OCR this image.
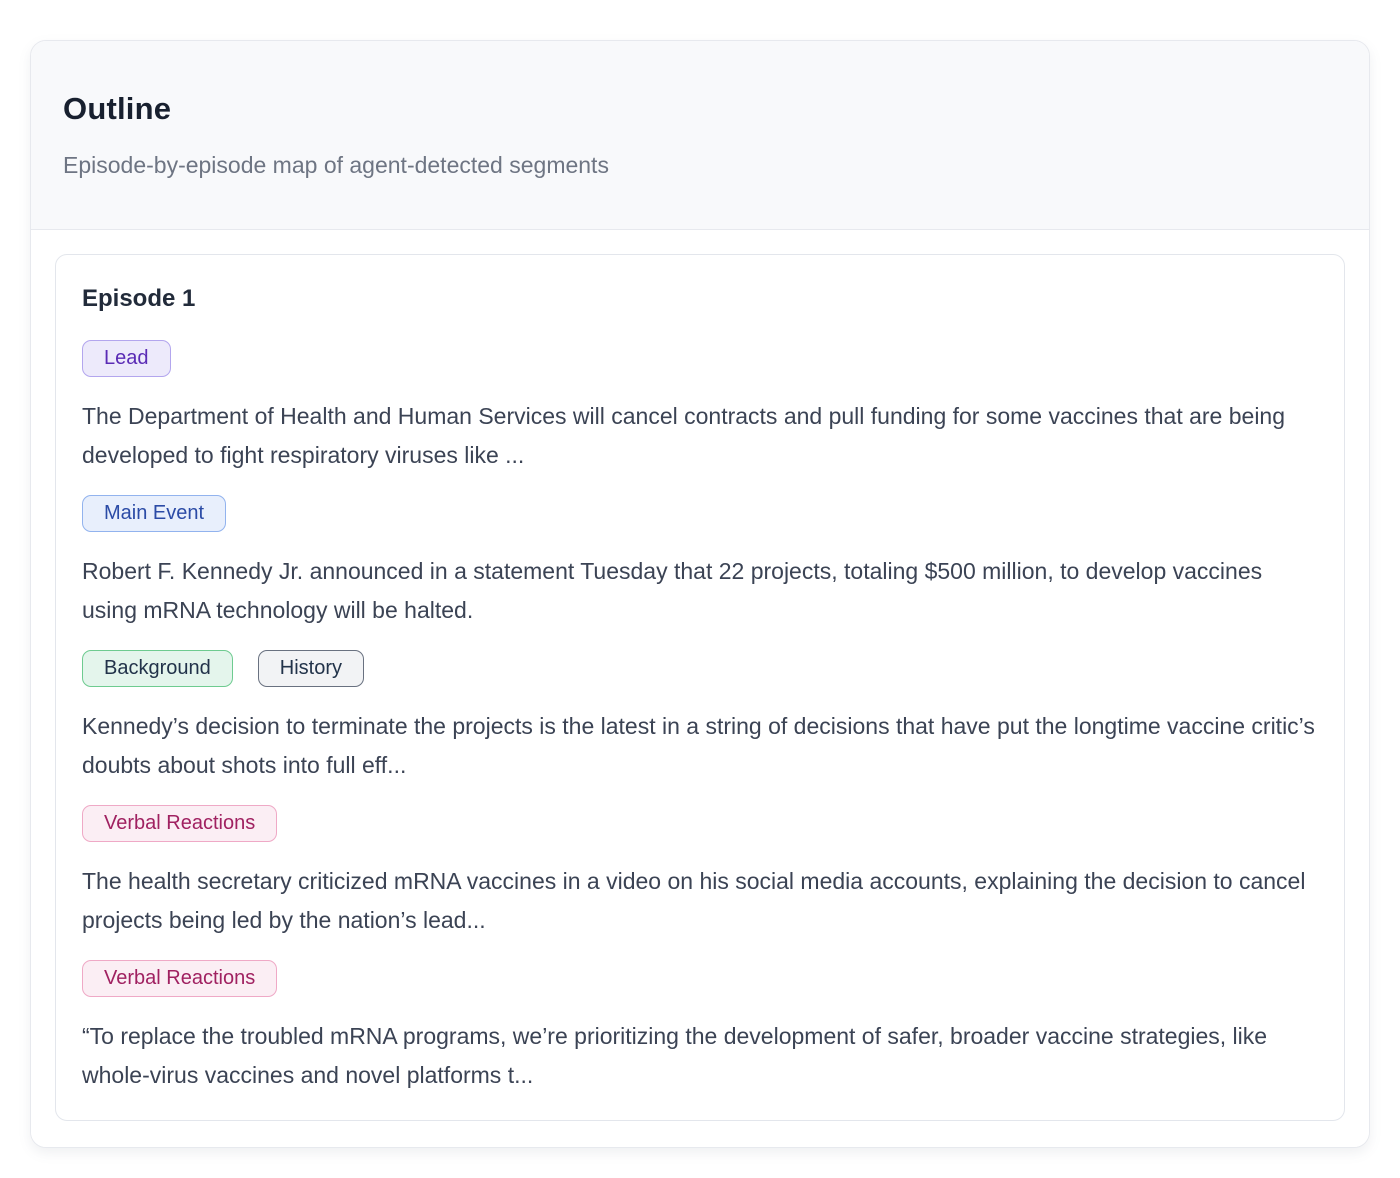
Outline

Episode-by-episode map of agent-detected segments

Episode 1
Lead

The Department of Health and Human Services will cancel contracts and pull funding for some vaccines that are being developed to fight respiratory viruses like ...

Main Event

Robert F. Kennedy Jr. announced in a statement Tuesday that 22 projects, totaling $500 million, to develop vaccines using mRNA technology will be halted.

Background	History

Kennedy’s decision to terminate the projects is the latest in a string of decisions that have put the longtime vaccine critic’s doubts about shots into full eff...

Verbal Reactions

The health secretary criticized mRNA vaccines in a video on his social media accounts, explaining the decision to cancel projects being led by the nation’s lead...

Verbal Reactions

“To replace the troubled mRNA programs, we’re prioritizing the development of safer, broader vaccine strategies, like whole-virus vaccines and novel platforms t...
